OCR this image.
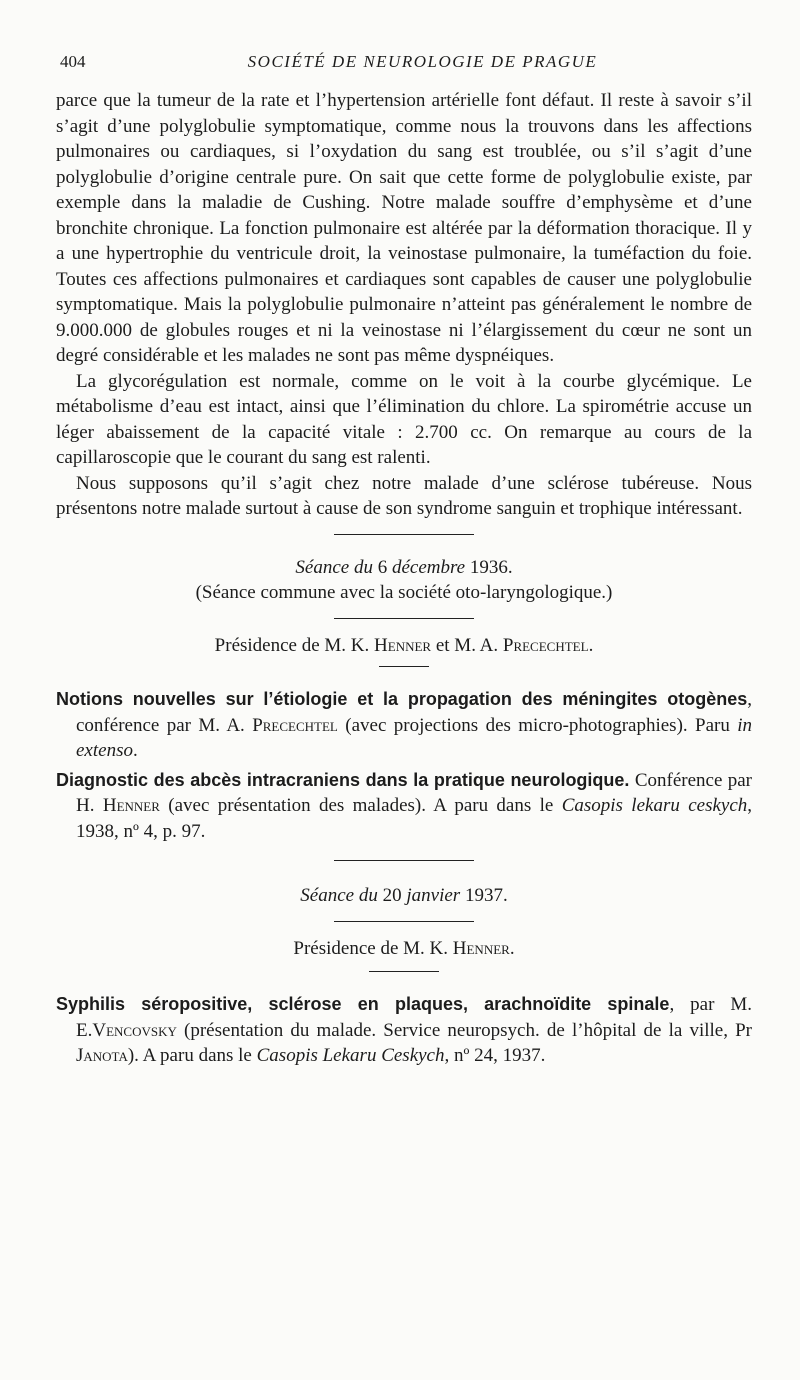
404	SOCIÉTÉ DE NEUROLOGIE DE PRAGUE

parce que la tumeur de la rate et l’hypertension artérielle font défaut. Il reste à savoir s’il s’agit d’une polyglobulie symptomatique, comme nous la trouvons dans les affections pulmonaires ou cardiaques, si l’oxydation du sang est troublée, ou s’il s’agit d’une polyglobulie d’origine centrale pure. On sait que cette forme de polyglobulie existe, par exemple dans la maladie de Cushing. Notre malade souffre d’emphysème et d’une bronchite chronique. La fonction pulmonaire est altérée par la déformation thoracique. Il y a une hypertrophie du ventricule droit, la veinostase pulmonaire, la tuméfaction du foie. Toutes ces affections pulmonaires et cardiaques sont capables de causer une polyglobulie symptomatique. Mais la polyglobulie pulmonaire n’atteint pas généralement le nombre de 9.000.000 de globules rouges et ni la veinostase ni l’élargissement du cœur ne sont un degré considérable et les malades ne sont pas même dyspnéiques.

La glycorégulation est normale, comme on le voit à la courbe glycémique. Le métabolisme d’eau est intact, ainsi que l’élimination du chlore. La spirométrie accuse un léger abaissement de la capacité vitale : 2.700 cc. On remarque au cours de la capillaroscopie que le courant du sang est ralenti.

Nous supposons qu’il s’agit chez notre malade d’une sclérose tubéreuse. Nous présentons notre malade surtout à cause de son syndrome sanguin et trophique intéressant.

Séance du 6 décembre 1936.
(Séance commune avec la société oto-laryngologique.)
Présidence de M. K. Henner et M. A. Precechtel.

Notions nouvelles sur l’étiologie et la propagation des méningites otogènes, conférence par M. A. Precechtel (avec projections des micro-photographies). Paru in extenso.

Diagnostic des abcès intracraniens dans la pratique neurologique. Conférence par H. Henner (avec présentation des malades). A paru dans le Casopis lekaru ceskych, 1938, nº 4, p. 97.

Séance du 20 janvier 1937.
Présidence de M. K. Henner.

Syphilis séropositive, sclérose en plaques, arachnoïdite spinale, par M. E.Vencovsky (présentation du malade. Service neuropsych. de l’hôpital de la ville, Pr Janota). A paru dans le Casopis Lekaru Ceskych, nº 24, 1937.
